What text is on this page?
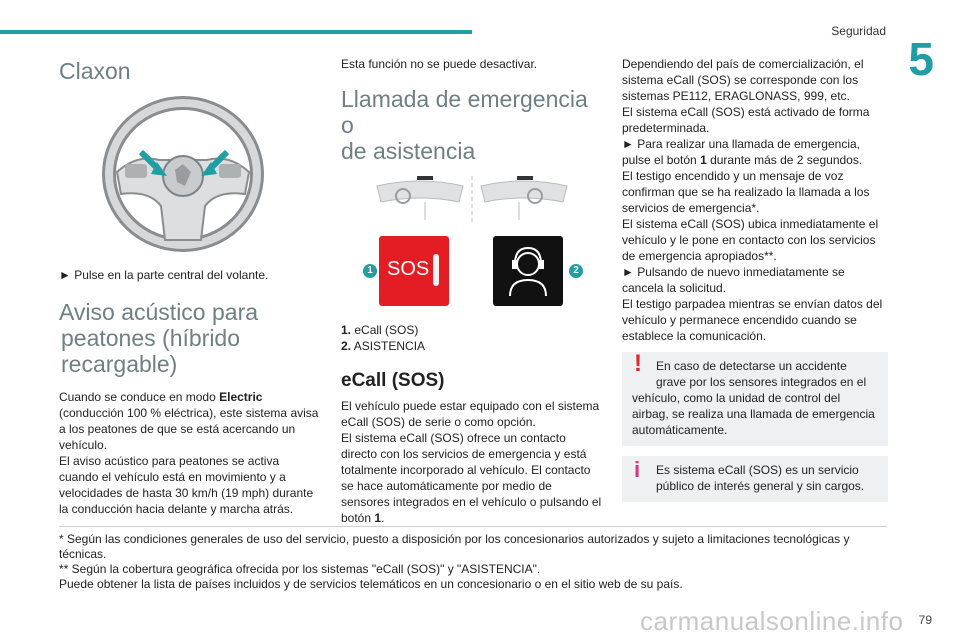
Seguridad
5
Claxon

► Pulse en la parte central del volante.

Aviso acústico para
peatones (híbrido
recargable)

Cuando se conduce en modo Electric (conducción 100 % eléctrica), este sistema avisa a los peatones de que se está acercando un vehículo.

El aviso acústico para peatones se activa cuando el vehículo está en movimiento y a velocidades de hasta 30 km/h (19 mph) durante la conducción hacia delante y marcha atrás.

Esta función no se puede desactivar.

Llamada de emergencia o
de asistencia
SOS
1	2
1. eCall (SOS)
2. ASISTENCIA
eCall (SOS)

El vehículo puede estar equipado con el sistema eCall (SOS) de serie o como opción.

El sistema eCall (SOS) ofrece un contacto directo con los servicios de emergencia y está totalmente incorporado al vehículo. El contacto se hace automáticamente por medio de sensores integrados en el vehículo o pulsando el botón 1.

Dependiendo del país de comercialización, el sistema eCall (SOS) se corresponde con los sistemas PE112, ERAGLONASS, 999, etc.

El sistema eCall (SOS) está activado de forma predeterminada.

► Para realizar una llamada de emergencia, pulse el botón 1 durante más de 2 segundos.

El testigo encendido y un mensaje de voz confirman que se ha realizado la llamada a los servicios de emergencia*.

El sistema eCall (SOS) ubica inmediatamente el vehículo y le pone en contacto con los servicios de emergencia apropiados**.

► Pulsando de nuevo inmediatamente se cancela la solicitud.

El testigo parpadea mientras se envían datos del vehículo y permanece encendido cuando se establece la comunicación.

!	En caso de detectarse un accidente
grave por los sensores integrados en el
vehículo, como la unidad de control del airbag, se realiza una llamada de emergencia automáticamente.
i	Es sistema eCall (SOS) es un servicio
público de interés general y sin cargos.
* Según las condiciones generales de uso del servicio, puesto a disposición por los concesionarios autorizados y sujeto a limitaciones tecnológicas y técnicas.
** Según la cobertura geográfica ofrecida por los sistemas "eCall (SOS)" y "ASISTENCIA".
Puede obtener la lista de países incluidos y de servicios telemáticos en un concesionario o en el sitio web de su país.
carmanualsonline.info 79
